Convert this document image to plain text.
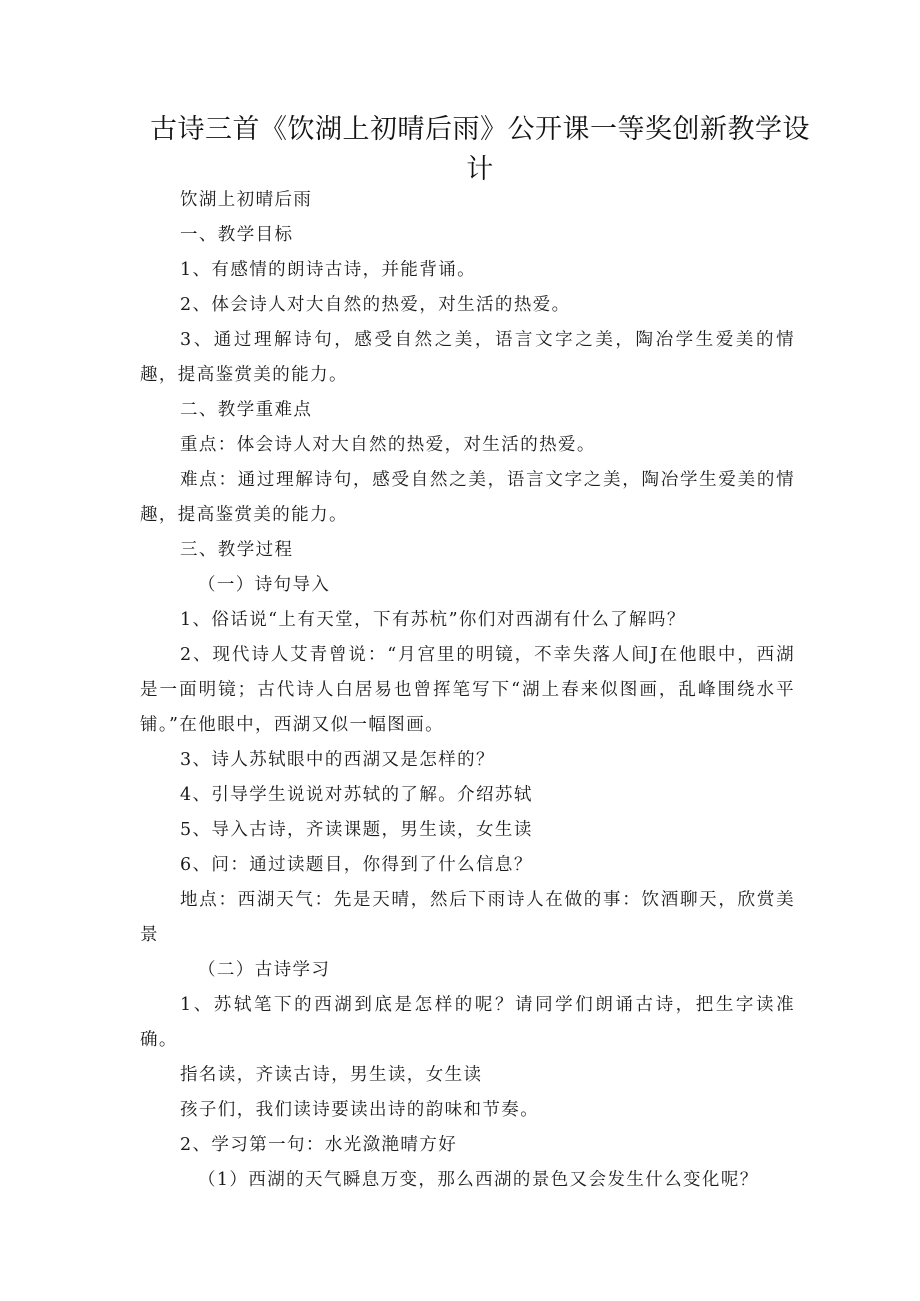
古诗三首《饮湖上初晴后雨》公开课一等奖创新教学设计

饮湖上初晴后雨

一、教学目标

1、有感情的朗诗古诗，并能背诵。

2、体会诗人对大自然的热爱，对生活的热爱。

3、通过理解诗句，感受自然之美，语言文字之美，陶冶学生爱美的情趣，提高鉴赏美的能力。

二、教学重难点

重点：体会诗人对大自然的热爱，对生活的热爱。

难点：通过理解诗句，感受自然之美，语言文字之美，陶冶学生爱美的情趣，提高鉴赏美的能力。

三、教学过程

（一）诗句导入

1、俗话说“上有天堂，下有苏杭”你们对西湖有什么了解吗？

2、现代诗人艾青曾说：“月宫里的明镜，不幸失落人间J在他眼中，西湖是一面明镜；古代诗人白居易也曾挥笔写下“湖上春来似图画，乱峰围绕水平铺。”在他眼中，西湖又似一幅图画。

3、诗人苏轼眼中的西湖又是怎样的？

4、引导学生说说对苏轼的了解。介绍苏轼

5、导入古诗，齐读课题，男生读，女生读

6、问：通过读题目，你得到了什么信息？

地点：西湖天气：先是天晴，然后下雨诗人在做的事：饮酒聊天，欣赏美景

（二）古诗学习

1、苏轼笔下的西湖到底是怎样的呢？请同学们朗诵古诗，把生字读准确。

指名读，齐读古诗，男生读，女生读

孩子们，我们读诗要读出诗的韵味和节奏。

2、学习第一句：水光潋滟晴方好

（1）西湖的天气瞬息万变，那么西湖的景色又会发生什么变化呢？
